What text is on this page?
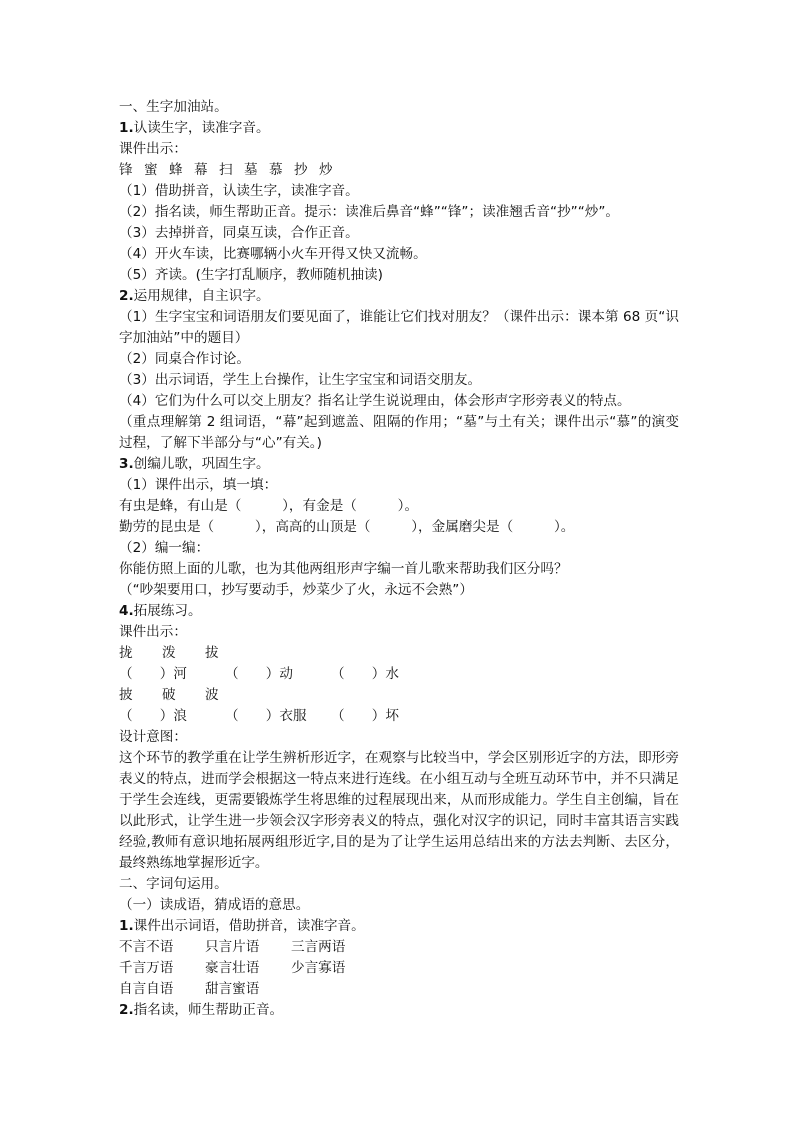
一、生字加油站。
1.认读生字，读准字音。
课件出示：
锋 蜜 蜂 幕 扫 墓 慕 抄 炒
（1）借助拼音，认读生字，读准字音。
（2）指名读，师生帮助正音。提示：读准后鼻音“蜂”“锋”；读准翘舌音“抄”“炒”。
（3）去掉拼音，同桌互读，合作正音。
（4）开火车读，比赛哪辆小火车开得又快又流畅。
（5）齐读。(生字打乱顺序，教师随机抽读)
2.运用规律，自主识字。
（1）生字宝宝和词语朋友们要见面了，谁能让它们找对朋友？（课件出示：课本第 68 页“识字加油站”中的题目）
（2）同桌合作讨论。
（3）出示词语，学生上台操作，让生字宝宝和词语交朋友。
（4）它们为什么可以交上朋友？指名让学生说说理由，体会形声字形旁表义的特点。
（重点理解第 2 组词语，“幕”起到遮盖、阻隔的作用；“墓”与土有关；课件出示“慕”的演变过程，了解下半部分与“心”有关。)
3.创编儿歌，巩固生字。
（1）课件出示，填一填：
有虫是蜂，有山是（　　　），有金是（　　　）。
勤劳的昆虫是（　　　），高高的山顶是（　　　），金属磨尖是（　　　）。
（2）编一编：
你能仿照上面的儿歌，也为其他两组形声字编一首儿歌来帮助我们区分吗？
（“吵架要用口，抄写要动手，炒菜少了火，永远不会熟”）
4.拓展练习。
课件出示：
拢 泼 拔
（　　）河	（　　）动	（　　）水
披 破 波
（　　）浪	（　　）衣服 （　　）坏
设计意图：
这个环节的教学重在让学生辨析形近字，在观察与比较当中，学会区别形近字的方法，即形旁表义的特点，进而学会根据这一特点来进行连线。在小组互动与全班互动环节中，并不只满足于学生会连线，更需要锻炼学生将思维的过程展现出来，从而形成能力。学生自主创编，旨在以此形式，让学生进一步领会汉字形旁表义的特点，强化对汉字的识记，同时丰富其语言实践经验,教师有意识地拓展两组形近字,目的是为了让学生运用总结出来的方法去判断、去区分，最终熟练地掌握形近字。
二、字词句运用。
（一）读成语，猜成语的意思。
1.课件出示词语，借助拼音，读准字音。
不言不语 只言片语 三言两语
千言万语 豪言壮语 少言寡语
自言自语 甜言蜜语
2.指名读，师生帮助正音。
